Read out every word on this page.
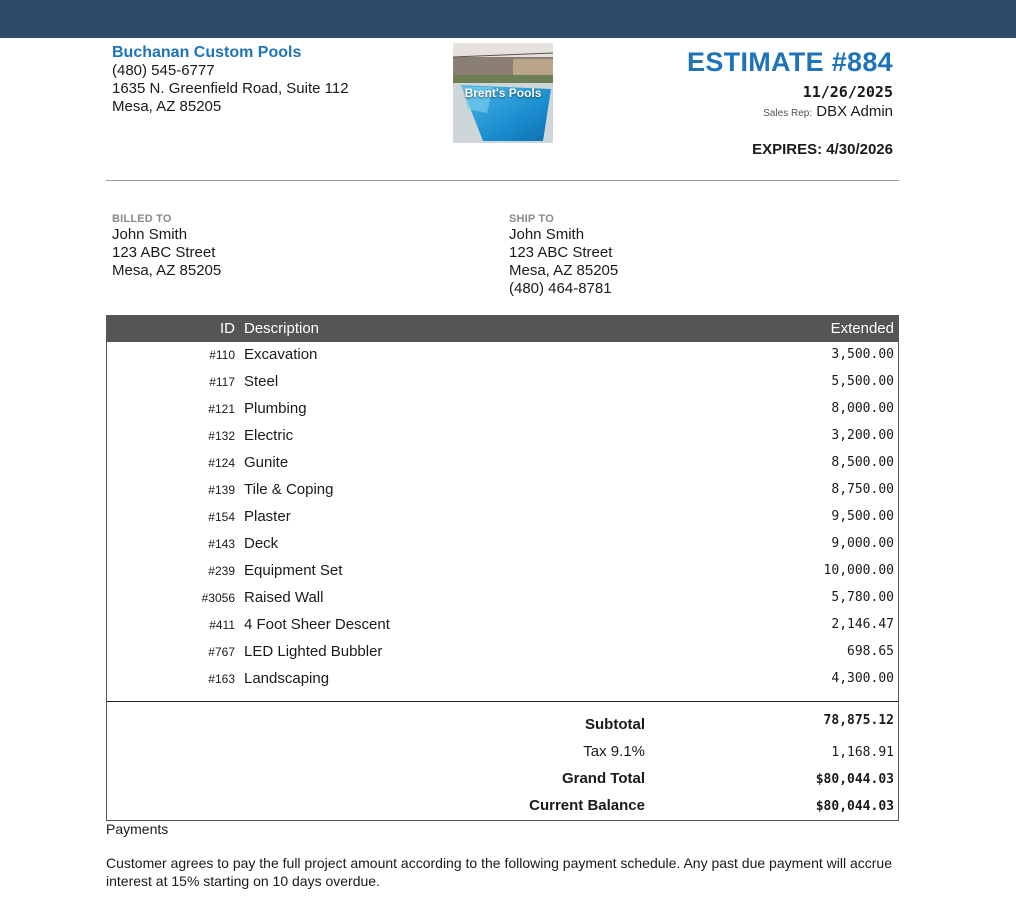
Buchanan Custom Pools
(480) 545-6777
1635 N. Greenfield Road, Suite 112
Mesa, AZ 85205
Brent's Pools
ESTIMATE #884
11/26/2025
Sales Rep: DBX Admin
EXPIRES: 4/30/2026
BILLED TO
John Smith
123 ABC Street
Mesa, AZ 85205
SHIP TO
John Smith
123 ABC Street
Mesa, AZ 85205
(480) 464-8781
ID Description	Extended
#110 Excavation	3,500.00
#117 Steel	5,500.00
#121 Plumbing	8,000.00
#132 Electric	3,200.00
#124 Gunite	8,500.00
#139 Tile & Coping	8,750.00
#154 Plaster	9,500.00
#143 Deck	9,000.00
#239 Equipment Set	10,000.00
#3056 Raised Wall	5,780.00
#411 4 Foot Sheer Descent	2,146.47
#767 LED Lighted Bubbler	698.65
#163 Landscaping	4,300.00
Subtotal	78,875.12
Tax 9.1%	1,168.91
Grand Total	$80,044.03
Current Balance	$80,044.03
Payments
Customer agrees to pay the full project amount according to the following payment schedule. Any past due payment will accrue interest at 15% starting on 10 days overdue.
